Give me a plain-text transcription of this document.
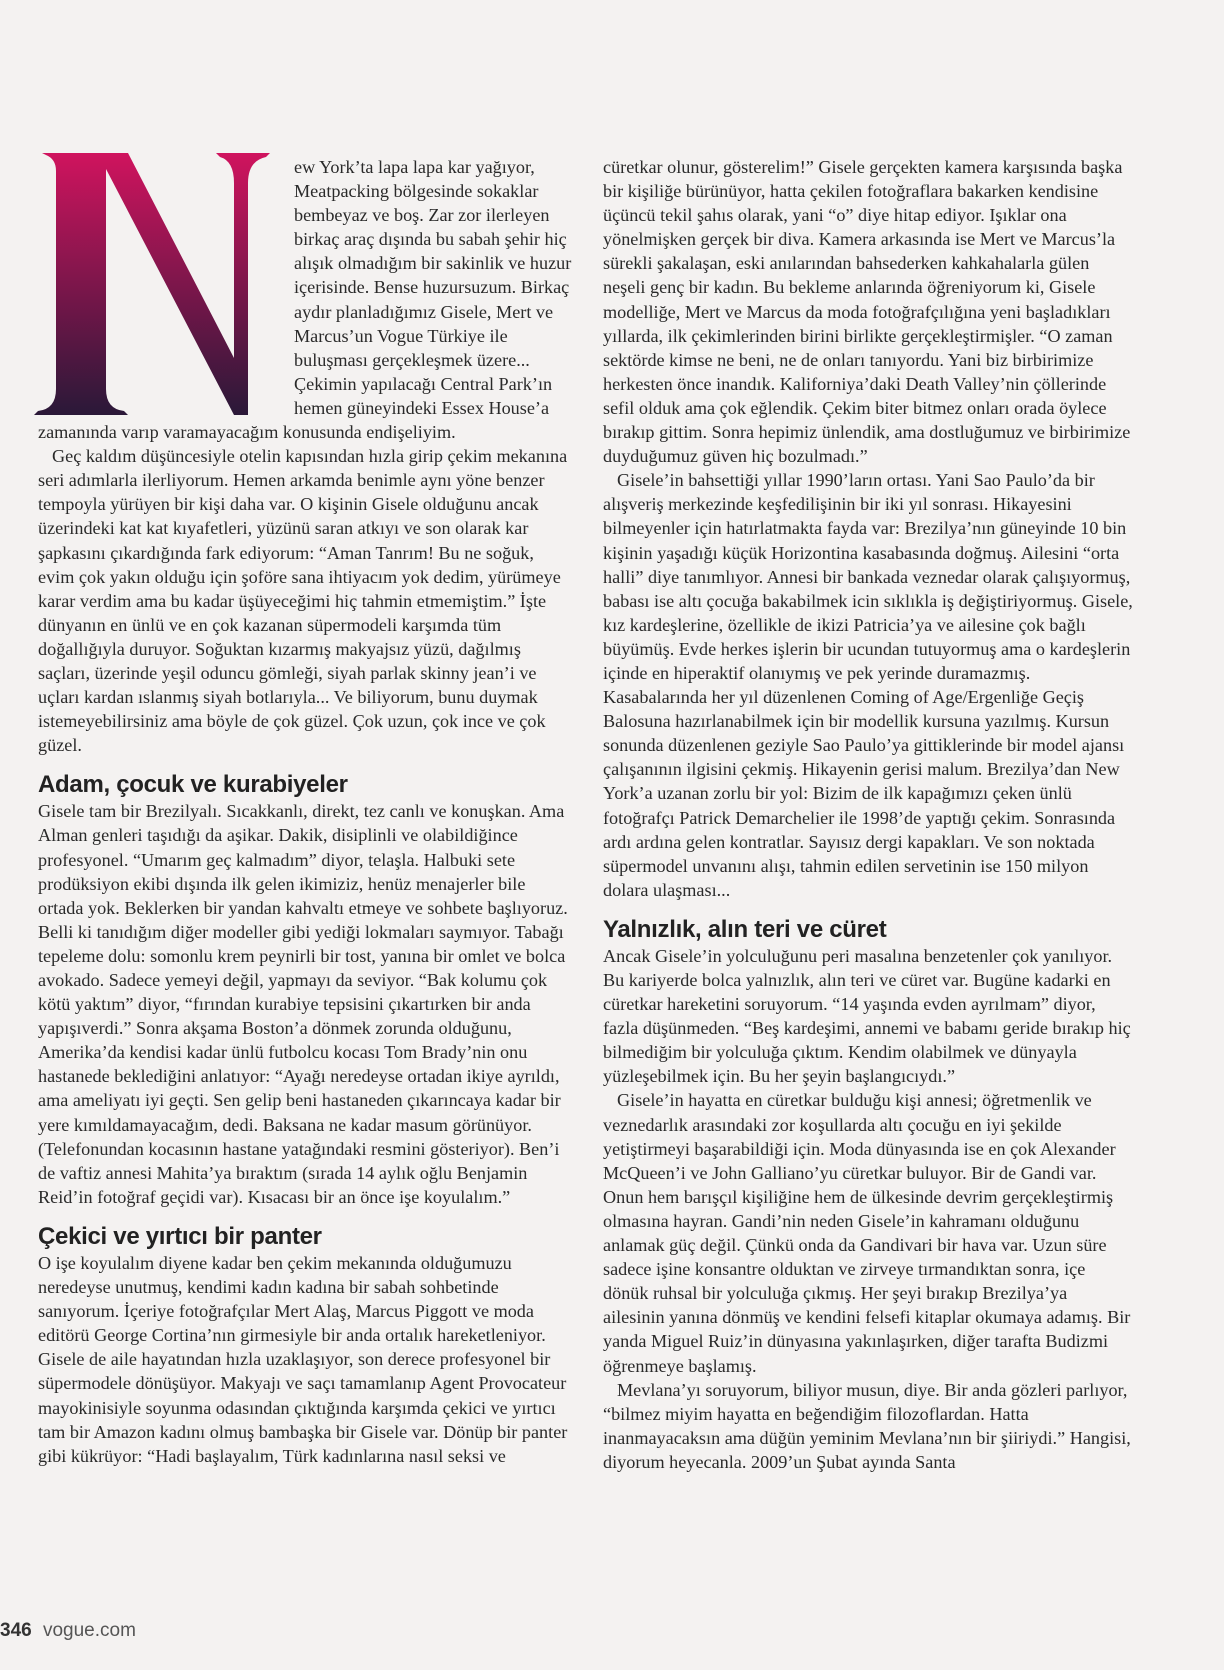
ew York’ta lapa lapa kar yağıyor, Meatpacking bölgesinde sokaklar bembeyaz ve boş. Zar zor ilerleyen birkaç araç dışında bu sabah şehir hiç alışık olmadığım bir sakinlik ve huzur içerisinde. Bense huzursuzum. Birkaç aydır planladığımız Gisele, Mert ve Marcus’un Vogue Türkiye ile buluşması gerçekleşmek üzere... Çekimin yapılacağı Central Park’ın hemen güneyindeki Essex House’a zamanında varıp varamayacağım konusunda endişeliyim.

Geç kaldım düşüncesiyle otelin kapısından hızla girip çekim mekanına seri adımlarla ilerliyorum. Hemen arkamda benimle aynı yöne benzer tempoyla yürüyen bir kişi daha var. O kişinin Gisele olduğunu ancak üzerindeki kat kat kıyafetleri, yüzünü saran atkıyı ve son olarak kar şapkasını çıkardığında fark ediyorum: “Aman Tanrım! Bu ne soğuk, evim çok yakın olduğu için şoföre sana ihtiyacım yok dedim, yürümeye karar verdim ama bu kadar üşüyeceğimi hiç tahmin etmemiştim.” İşte dünyanın en ünlü ve en çok kazanan süpermodeli karşımda tüm doğallığıyla duruyor. Soğuktan kızarmış makyajsız yüzü, dağılmış saçları, üzerinde yeşil oduncu gömleği, siyah parlak skinny jean’i ve uçları kardan ıslanmış siyah botlarıyla... Ve biliyorum, bunu duymak istemeyebilirsiniz ama böyle de çok güzel. Çok uzun, çok ince ve çok güzel.

Adam, çocuk ve kurabiyeler

Gisele tam bir Brezilyalı. Sıcakkanlı, direkt, tez canlı ve konuşkan. Ama Alman genleri taşıdığı da aşikar. Dakik, disiplinli ve olabildiğince profesyonel. “Umarım geç kalmadım” diyor, telaşla. Halbuki sete prodüksiyon ekibi dışında ilk gelen ikimiziz, henüz menajerler bile ortada yok. Beklerken bir yandan kahvaltı etmeye ve sohbete başlıyoruz. Belli ki tanıdığım diğer modeller gibi yediği lokmaları saymıyor. Tabağı tepeleme dolu: somonlu krem peynirli bir tost, yanına bir omlet ve bolca avokado. Sadece yemeyi değil, yapmayı da seviyor. “Bak kolumu çok kötü yaktım” diyor, “fırından kurabiye tepsisini çıkartırken bir anda yapışıverdi.” Sonra akşama Boston’a dönmek zorunda olduğunu, Amerika’da kendisi kadar ünlü futbolcu kocası Tom Brady’nin onu hastanede beklediğini anlatıyor: “Ayağı neredeyse ortadan ikiye ayrıldı, ama ameliyatı iyi geçti. Sen gelip beni hastaneden çıkarıncaya kadar bir yere kımıldamayacağım, dedi. Baksana ne kadar masum görünüyor. (Telefonundan kocasının hastane yatağındaki resmini gösteriyor). Ben’i de vaftiz annesi Mahita’ya bıraktım (sırada 14 aylık oğlu Benjamin Reid’in fotoğraf geçidi var). Kısacası bir an önce işe koyulalım.”

Çekici ve yırtıcı bir panter

O işe koyulalım diyene kadar ben çekim mekanında olduğumuzu neredeyse unutmuş, kendimi kadın kadına bir sabah sohbetinde sanıyorum. İçeriye fotoğrafçılar Mert Alaş, Marcus Piggott ve moda editörü George Cortina’nın girmesiyle bir anda ortalık hareketleniyor. Gisele de aile hayatından hızla uzaklaşıyor, son derece profesyonel bir süpermodele dönüşüyor. Makyajı ve saçı tamamlanıp Agent Provocateur mayokinisiyle soyunma odasından çıktığında karşımda çekici ve yırtıcı tam bir Amazon kadını olmuş bambaşka bir Gisele var. Dönüp bir panter gibi kükrüyor: “Hadi başlayalım, Türk kadınlarına nasıl seksi ve

cüretkar olunur, gösterelim!” Gisele gerçekten kamera karşısında başka bir kişiliğe bürünüyor, hatta çekilen fotoğraflara bakarken kendisine üçüncü tekil şahıs olarak, yani “o” diye hitap ediyor. Işıklar ona yönelmişken gerçek bir diva. Kamera arkasında ise Mert ve Marcus’la sürekli şakalaşan, eski anılarından bahsederken kahkahalarla gülen neşeli genç bir kadın. Bu bekleme anlarında öğreniyorum ki, Gisele modelliğe, Mert ve Marcus da moda fotoğrafçılığına yeni başladıkları yıllarda, ilk çekimlerinden birini birlikte gerçekleştirmişler. “O zaman sektörde kimse ne beni, ne de onları tanıyordu. Yani biz birbirimize herkesten önce inandık. Kaliforniya’daki Death Valley’nin çöllerinde sefil olduk ama çok eğlendik. Çekim biter bitmez onları orada öylece bırakıp gittim. Sonra hepimiz ünlendik, ama dostluğumuz ve birbirimize duyduğumuz güven hiç bozulmadı.”

Gisele’in bahsettiği yıllar 1990’ların ortası. Yani Sao Paulo’da bir alışveriş merkezinde keşfedilişinin bir iki yıl sonrası. Hikayesini bilmeyenler için hatırlatmakta fayda var: Brezilya’nın güneyinde 10 bin kişinin yaşadığı küçük Horizontina kasabasında doğmuş. Ailesini “orta halli” diye tanımlıyor. Annesi bir bankada veznedar olarak çalışıyormuş, babası ise altı çocuğa bakabilmek icin sıklıkla iş değiştiriyormuş. Gisele, kız kardeşlerine, özellikle de ikizi Patricia’ya ve ailesine çok bağlı büyümüş. Evde herkes işlerin bir ucundan tutuyormuş ama o kardeşlerin içinde en hiperaktif olanıymış ve pek yerinde duramazmış. Kasabalarında her yıl düzenlenen Coming of Age/Ergenliğe Geçiş Balosuna hazırlanabilmek için bir modellik kursuna yazılmış. Kursun sonunda düzenlenen geziyle Sao Paulo’ya gittiklerinde bir model ajansı çalışanının ilgisini çekmiş. Hikayenin gerisi malum. Brezilya’dan New York’a uzanan zorlu bir yol: Bizim de ilk kapağımızı çeken ünlü fotoğrafçı Patrick Demarchelier ile 1998’de yaptığı çekim. Sonrasında ardı ardına gelen kontratlar. Sayısız dergi kapakları. Ve son noktada süpermodel unvanını alışı, tahmin edilen servetinin ise 150 milyon dolara ulaşması...

Yalnızlık, alın teri ve cüret

Ancak Gisele’in yolculuğunu peri masalına benzetenler çok yanılıyor. Bu kariyerde bolca yalnızlık, alın teri ve cüret var. Bugüne kadarki en cüretkar hareketini soruyorum. “14 yaşında evden ayrılmam” diyor, fazla düşünmeden. “Beş kardeşimi, annemi ve babamı geride bırakıp hiç bilmediğim bir yolculuğa çıktım. Kendim olabilmek ve dünyayla yüzleşebilmek için. Bu her şeyin başlangıcıydı.”

Gisele’in hayatta en cüretkar bulduğu kişi annesi; öğretmenlik ve veznedarlık arasındaki zor koşullarda altı çocuğu en iyi şekilde yetiştirmeyi başarabildiği için. Moda dünyasında ise en çok Alexander McQueen’i ve John Galliano’yu cüretkar buluyor. Bir de Gandi var. Onun hem barışçıl kişiliğine hem de ülkesinde devrim gerçekleştirmiş olmasına hayran. Gandi’nin neden Gisele’in kahramanı olduğunu anlamak güç değil. Çünkü onda da Gandivari bir hava var. Uzun süre sadece işine konsantre olduktan ve zirveye tırmandıktan sonra, içe dönük ruhsal bir yolculuğa çıkmış. Her şeyi bırakıp Brezilya’ya ailesinin yanına dönmüş ve kendini felsefi kitaplar okumaya adamış. Bir yanda Miguel Ruiz’in dünyasına yakınlaşırken, diğer tarafta Budizmi öğrenmeye başlamış.

Mevlana’yı soruyorum, biliyor musun, diye. Bir anda gözleri parlıyor, “bilmez miyim hayatta en beğendiğim filozoflardan. Hatta inanmayacaksın ama düğün yeminim Mevlana’nın bir şiiriydi.” Hangisi, diyorum heyecanla. 2009’un Şubat ayında Santa

346 vogue.com
